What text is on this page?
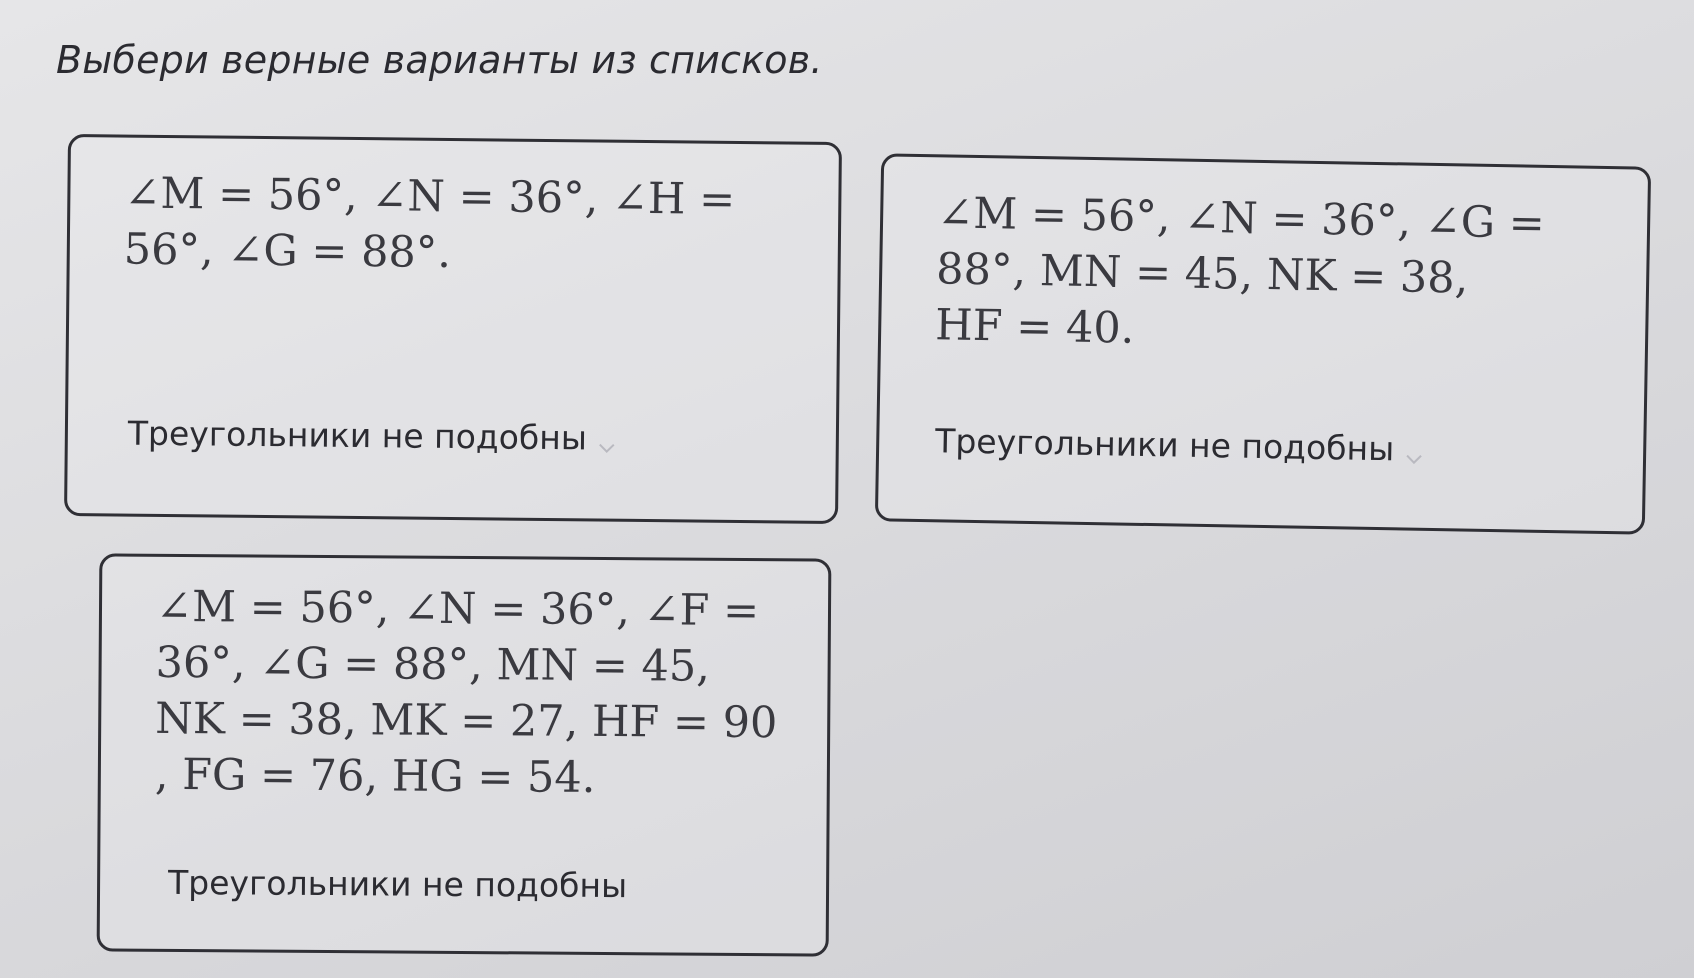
Выбери верные варианты из списков.
∠M = 56°, ∠N = 36°, ∠H =
56°, ∠G = 88°.
Треугольники не подобны
∠M = 56°, ∠N = 36°, ∠G =
88°, MN = 45, NK = 38,
HF = 40.
Треугольники не подобны
∠M = 56°, ∠N = 36°, ∠F =
36°, ∠G = 88°, MN = 45,
NK = 38, MK = 27, HF = 90
, FG = 76, HG = 54.
Треугольники не подобны
